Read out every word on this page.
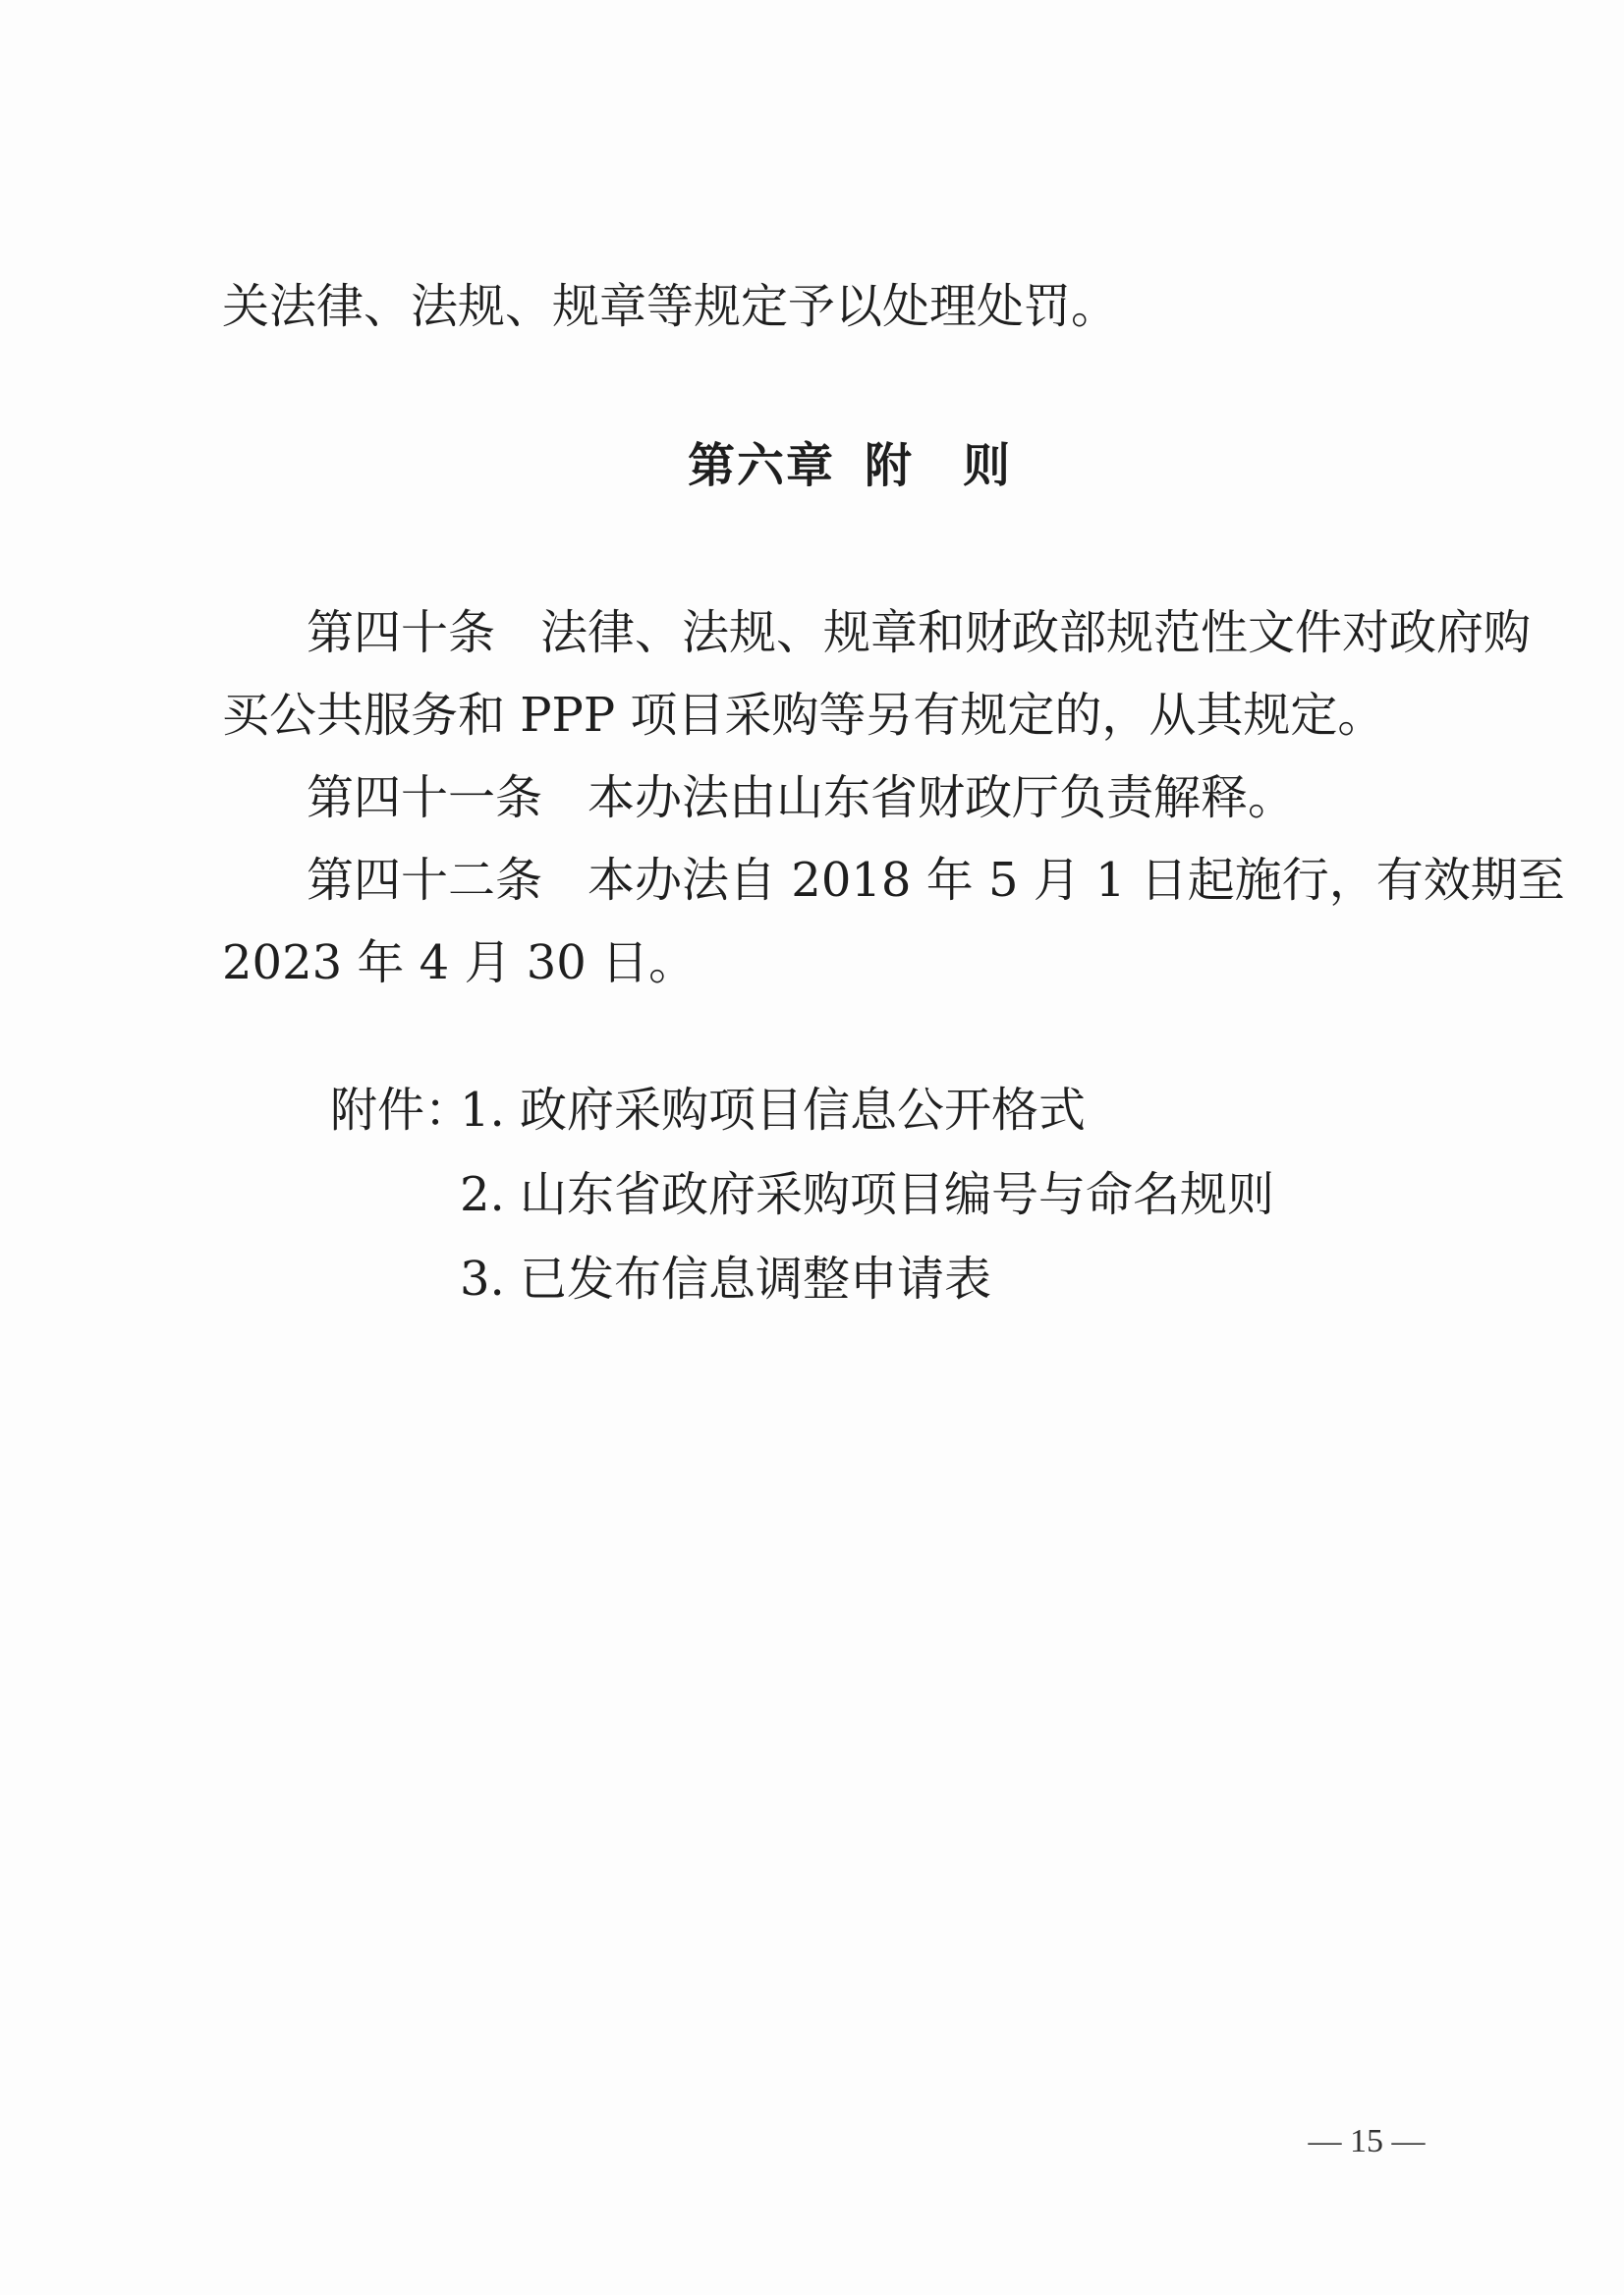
关法律、法规、规章等规定予以处理处罚。
第六章 附　则
第四十条 法律、法规、规章和财政部规范性文件对政府购
买公共服务和 PPP 项目采购等另有规定的，从其规定。
第四十一条 本办法由山东省财政厅负责解释。
第四十二条 本办法自 2018 年 5 月 1 日起施行，有效期至
2023 年 4 月 30 日。
附件：
1. 政府采购项目信息公开格式
2. 山东省政府采购项目编号与命名规则
3. 已发布信息调整申请表
— 15 —
